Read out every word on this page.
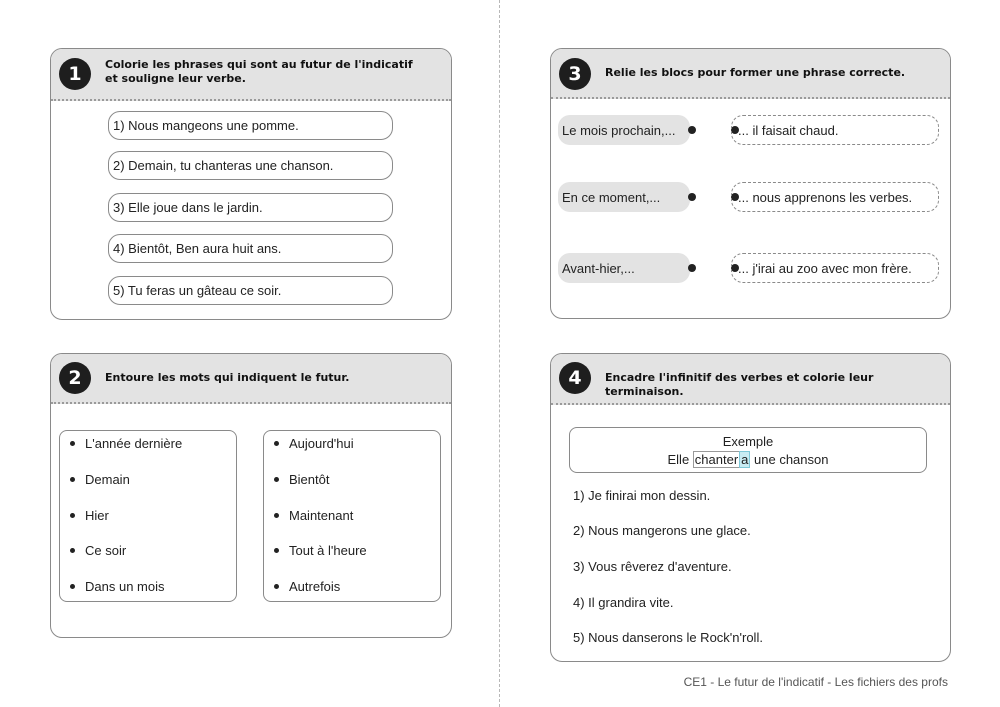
1	Colorie les phrases qui sont au futur de l'indicatif et souligne leur verbe.
1) Nous mangeons une pomme.
2) Demain, tu chanteras une chanson.
3) Elle joue dans le jardin.
4) Bientôt, Ben aura huit ans.
5) Tu feras un gâteau ce soir.
2	Entoure les mots qui indiquent le futur.
L'année dernière
Demain
Hier
Ce soir
Dans un mois
Aujourd'hui
Bientôt
Maintenant
Tout à l'heure
Autrefois
3	Relie les blocs pour former une phrase correcte.
Le mois prochain,...	... il faisait chaud.
En ce moment,...	... nous apprenons les verbes.
Avant-hier,...	... j'irai au zoo avec mon frère.
4	Encadre l'infinitif des verbes et colorie leur terminaison.
Exemple
Elle chanter a une chanson
1) Je finirai mon dessin.
2) Nous mangerons une glace.
3) Vous rêverez d'aventure.
4) Il grandira vite.
5) Nous danserons le Rock'n'roll.
CE1 - Le futur de l'indicatif - Les fichiers des profs
